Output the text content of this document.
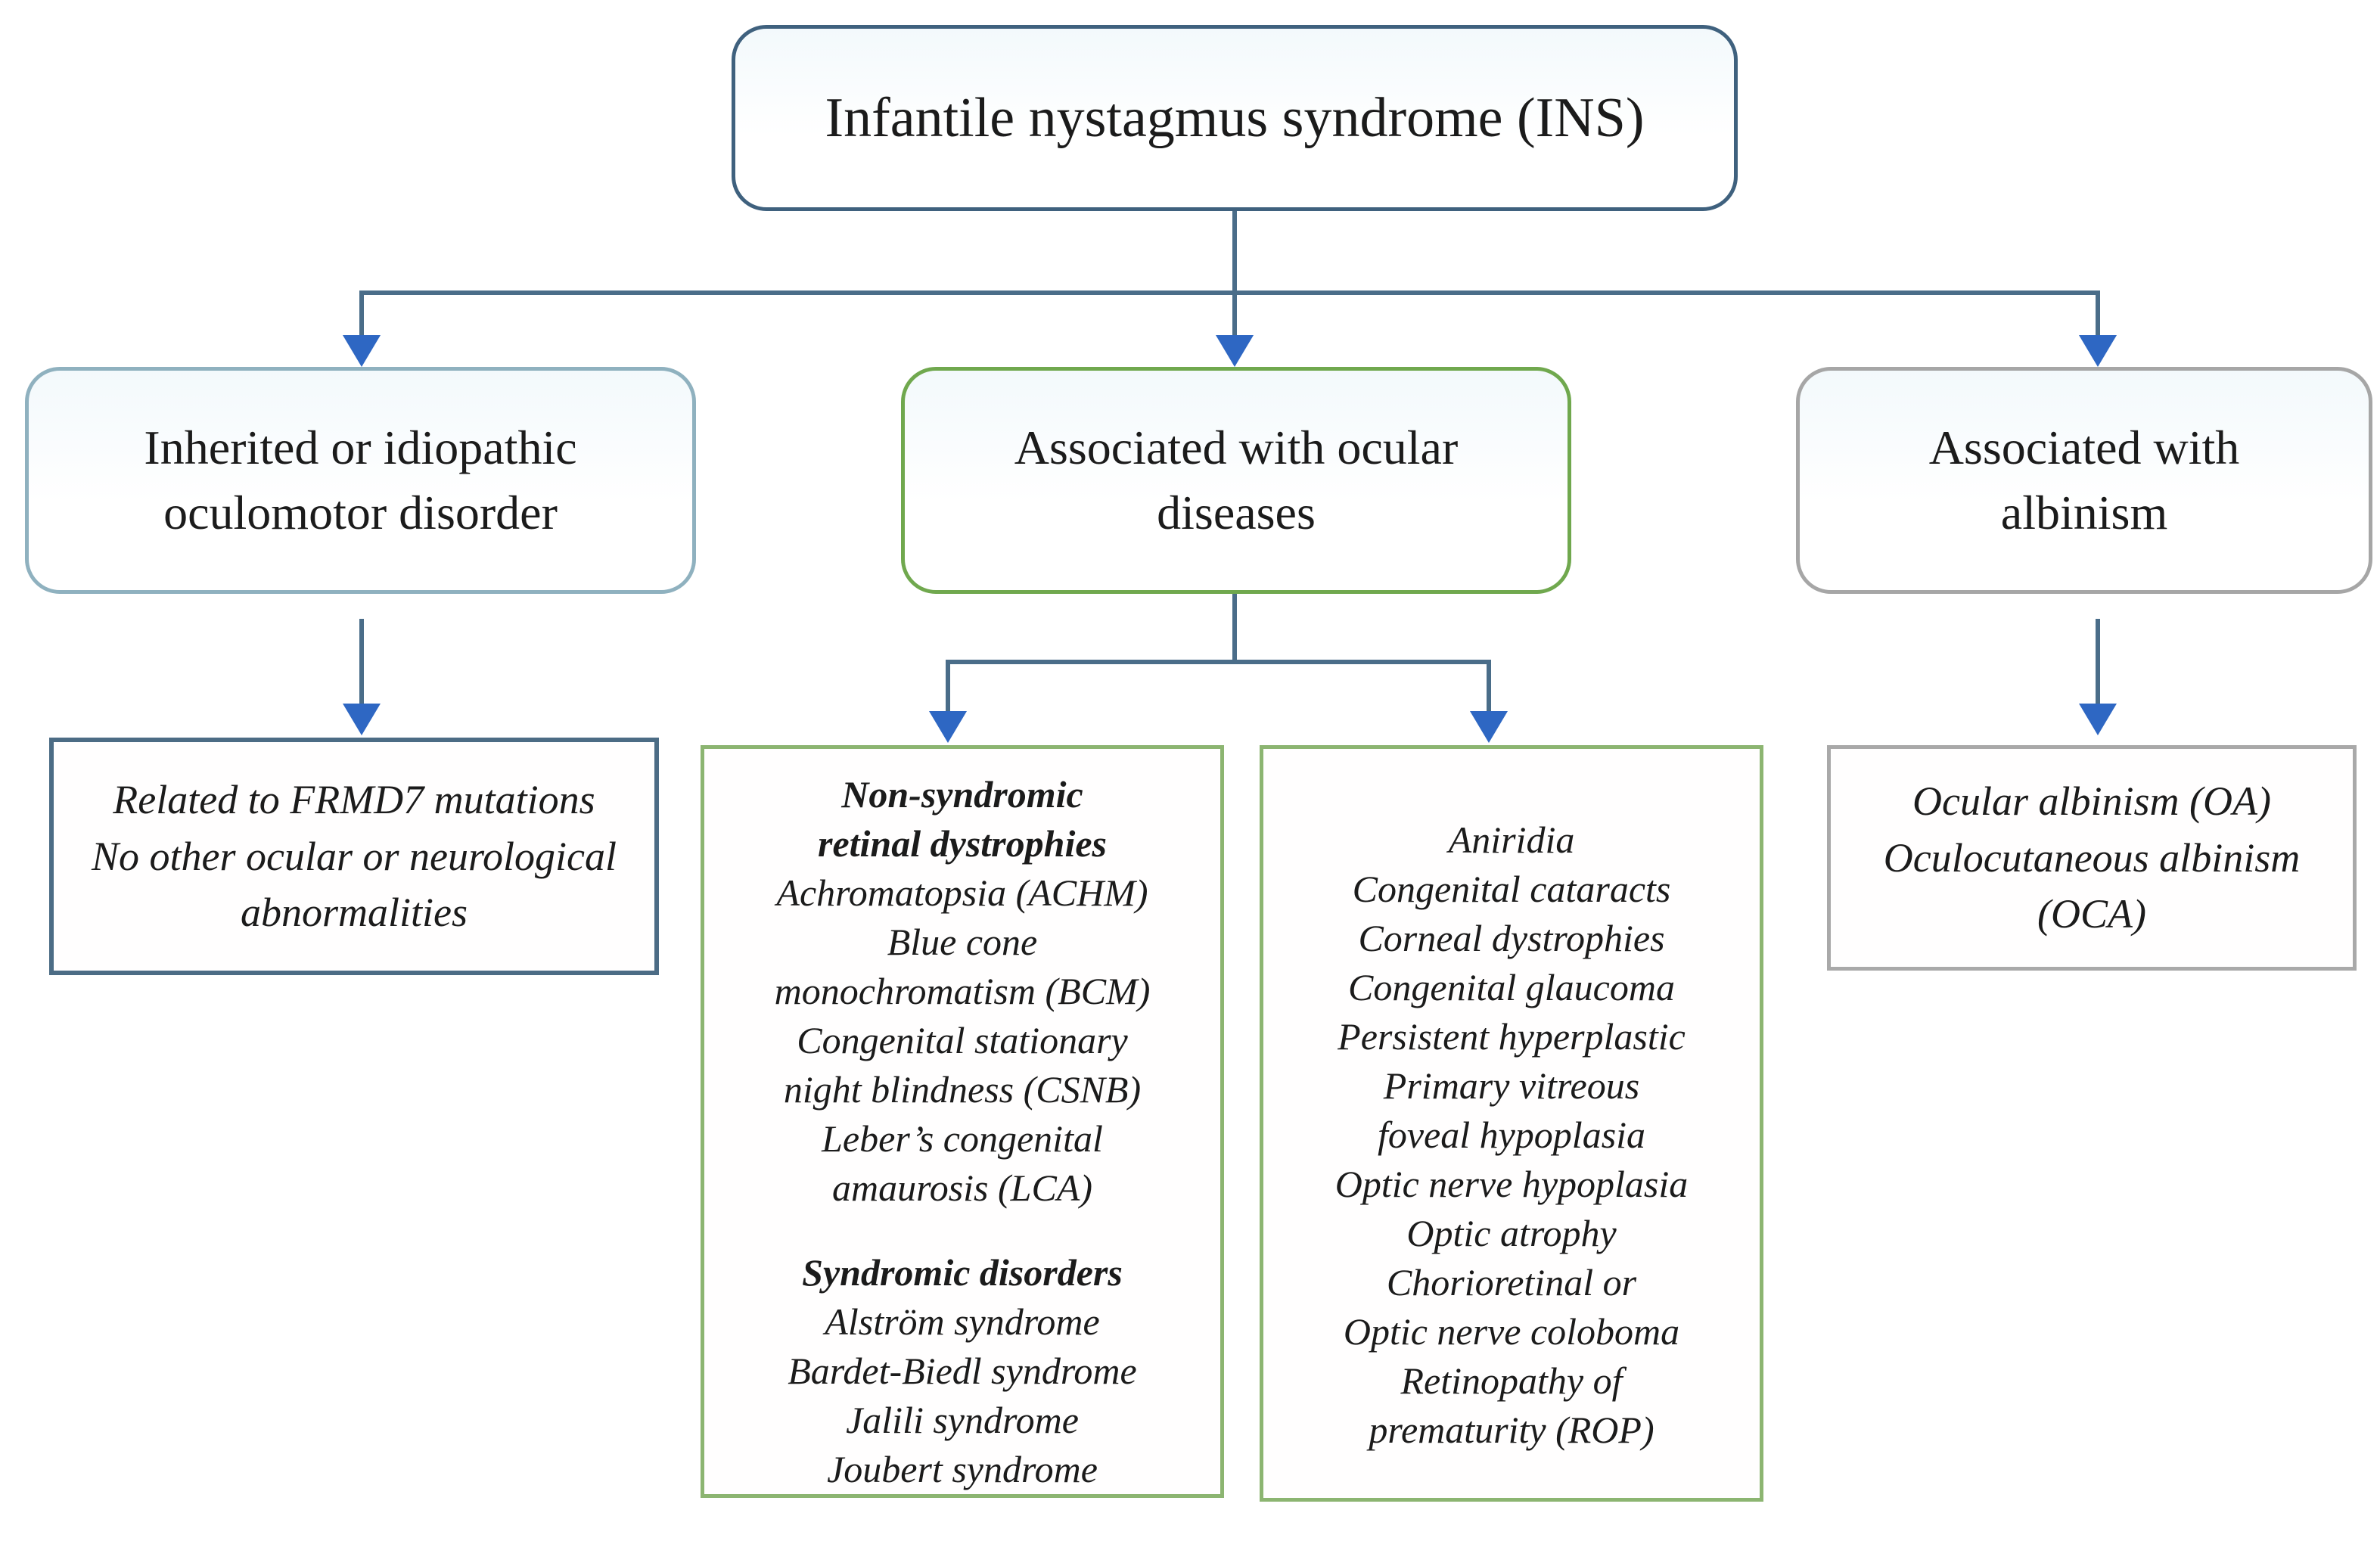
Infantile nystagmus syndrome (INS)
Inherited or idiopathic
oculomotor disorder
Associated with ocular
diseases
Associated with
albinism
Related to FRMD7 mutations
No other ocular or neurological
abnormalities
Non-syndromic
retinal dystrophies
Achromatopsia (ACHM)
Blue cone
monochromatism (BCM)
Congenital stationary
night blindness (CSNB)
Leber’s congenital
amaurosis (LCA)
Syndromic disorders
Alström syndrome
Bardet-Biedl syndrome
Jalili syndrome
Joubert syndrome
Aniridia
Congenital cataracts
Corneal dystrophies
Congenital glaucoma
Persistent hyperplastic
Primary vitreous
foveal hypoplasia
Optic nerve hypoplasia
Optic atrophy
Chorioretinal or
Optic nerve coloboma
Retinopathy of
prematurity (ROP)
Ocular albinism (OA)
Oculocutaneous albinism
(OCA)
